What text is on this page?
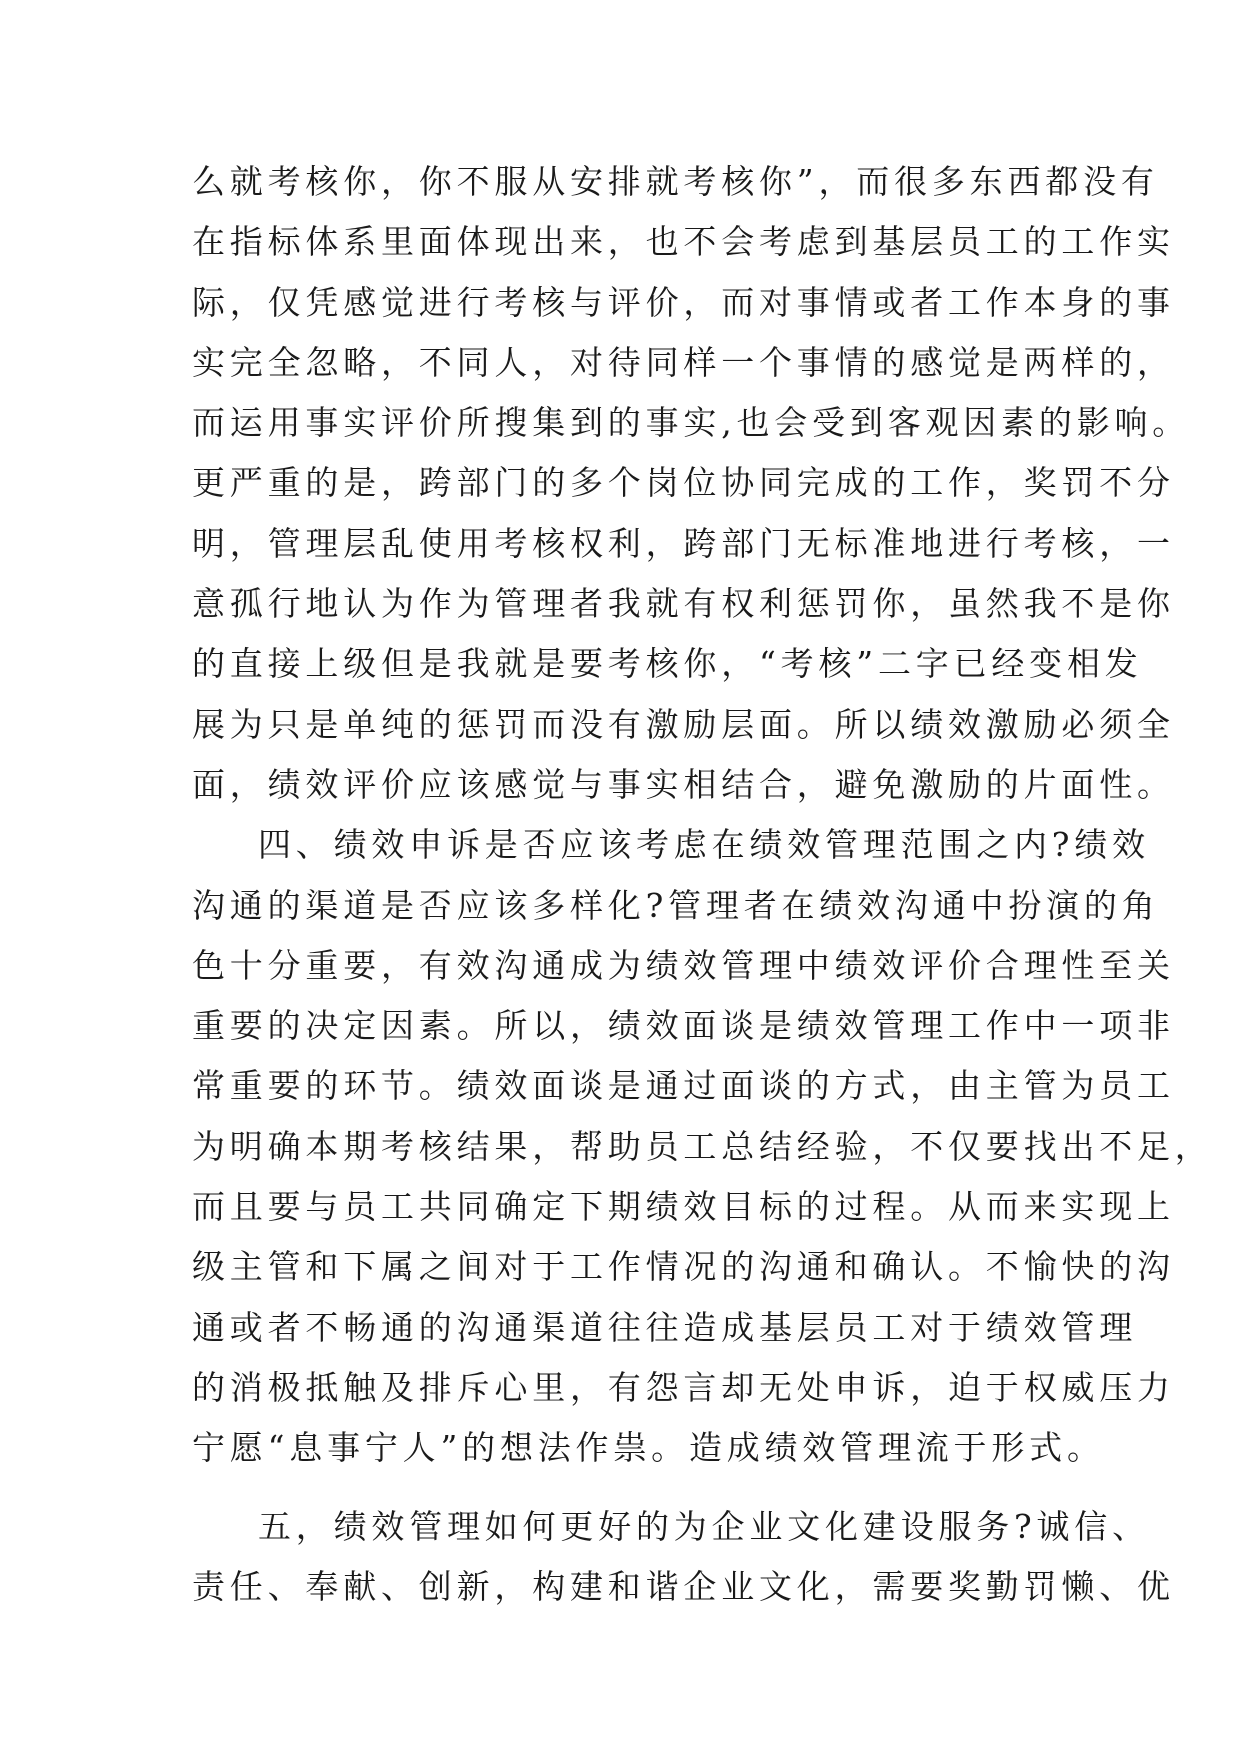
么就考核你，你不服从安排就考核你”，而很多东西都没有
在指标体系里面体现出来，也不会考虑到基层员工的工作实
际，仅凭感觉进行考核与评价，而对事情或者工作本身的事
实完全忽略，不同人，对待同样一个事情的感觉是两样的，
而运用事实评价所搜集到的事实,也会受到客观因素的影响。
更严重的是，跨部门的多个岗位协同完成的工作，奖罚不分
明，管理层乱使用考核权利，跨部门无标准地进行考核，一
意孤行地认为作为管理者我就有权利惩罚你，虽然我不是你
的直接上级但是我就是要考核你，“考核”二字已经变相发
展为只是单纯的惩罚而没有激励层面。所以绩效激励必须全
面，绩效评价应该感觉与事实相结合，避免激励的片面性。
四、绩效申诉是否应该考虑在绩效管理范围之内?绩效
沟通的渠道是否应该多样化?管理者在绩效沟通中扮演的角
色十分重要，有效沟通成为绩效管理中绩效评价合理性至关
重要的决定因素。所以，绩效面谈是绩效管理工作中一项非
常重要的环节。绩效面谈是通过面谈的方式，由主管为员工
为明确本期考核结果，帮助员工总结经验，不仅要找出不足，
而且要与员工共同确定下期绩效目标的过程。从而来实现上
级主管和下属之间对于工作情况的沟通和确认。不愉快的沟
通或者不畅通的沟通渠道往往造成基层员工对于绩效管理
的消极抵触及排斥心里，有怨言却无处申诉，迫于权威压力
宁愿“息事宁人”的想法作祟。造成绩效管理流于形式。
五，绩效管理如何更好的为企业文化建设服务?诚信、
责任、奉献、创新，构建和谐企业文化，需要奖勤罚懒、优
